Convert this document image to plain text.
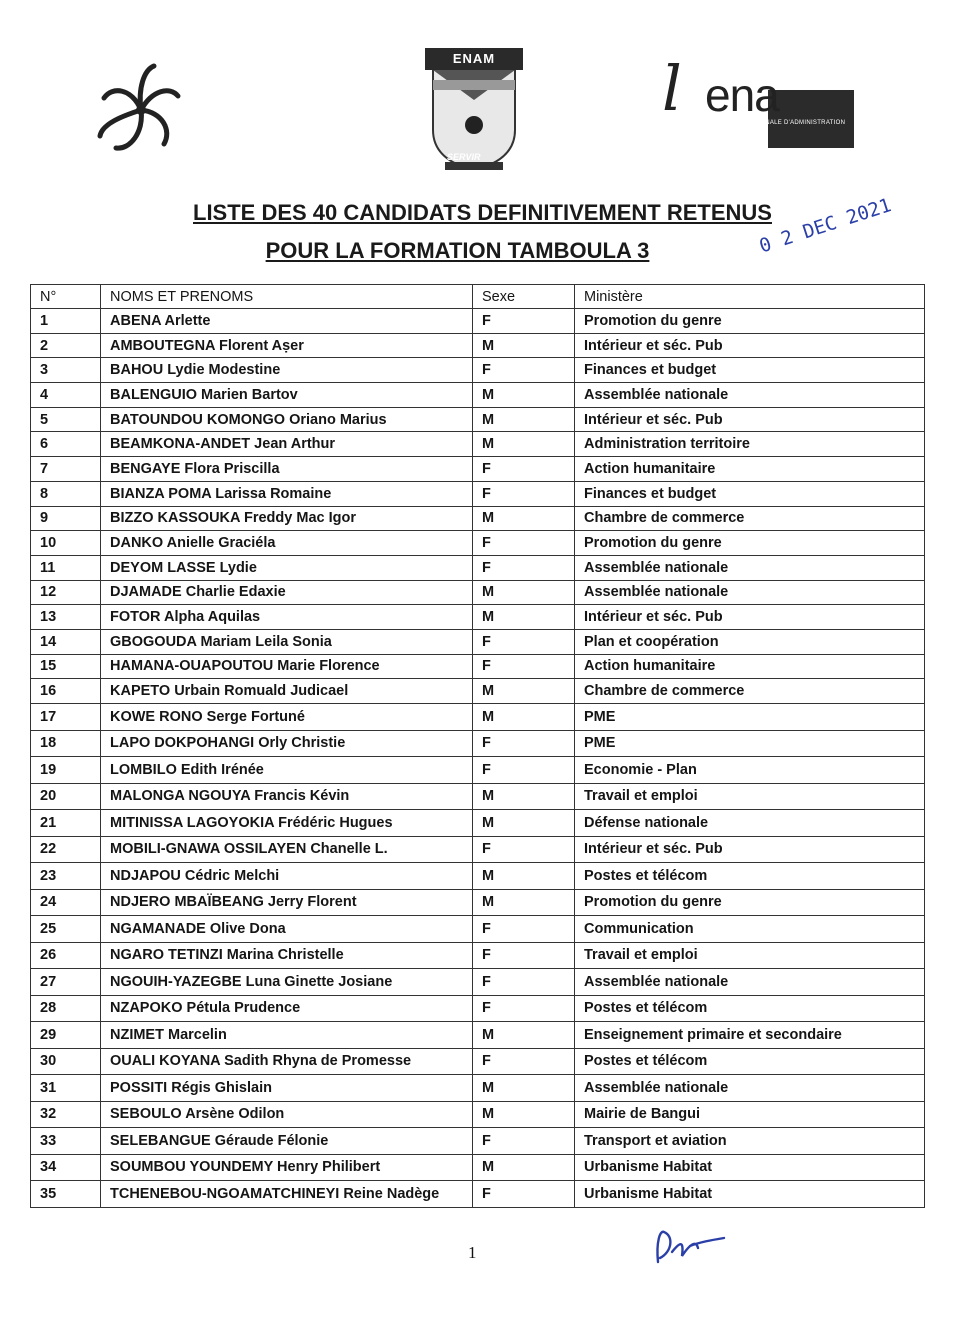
ENAM
SERVIR
l ena
ÉCOLE NATIONALE D'ADMINISTRATION
LISTE DES 40 CANDIDATS DEFINITIVEMENT RETENUS
POUR LA FORMATION TAMBOULA 3	0 2 DEC 2021
N°	NOMS ET PRENOMS	Sexe	Ministère
1	ABENA Arlette	F	Promotion du genre
2	AMBOUTEGNA Florent Aṣer	M	Intérieur et séc. Pub
3	BAHOU Lydie Modestine	F	Finances et budget
4	BALENGUIO Marien Bartov	M	Assemblée nationale
5	BATOUNDOU KOMONGO Oriano Marius	M	Intérieur et séc. Pub
6	BEAMKONA-ANDET Jean Arthur	M	Administration territoire
7	BENGAYE Flora Priscilla	F	Action humanitaire
8	BIANZA POMA Larissa Romaine	F	Finances et budget
9	BIZZO KASSOUKA Freddy Mac Igor	M	Chambre de commerce
10	DANKO Anielle Graciéla	F	Promotion du genre
11	DEYOM LASSE Lydie	F	Assemblée nationale
12	DJAMADE Charlie Edaxie	M	Assemblée nationale
13	FOTOR Alpha Aquilas	M	Intérieur et séc. Pub
14	GBOGOUDA Mariam Leila Sonia	F	Plan et coopération
15	HAMANA-OUAPOUTOU Marie Florence	F	Action humanitaire
16	KAPETO Urbain Romuald Judicael	M	Chambre de commerce
17	KOWE RONO Serge Fortuné	M	PME
18	LAPO DOKPOHANGI Orly Christie	F	PME
19	LOMBILO Edith Irénée	F	Economie - Plan
20	MALONGA NGOUYA Francis Kévin	M	Travail et emploi
21	MITINISSA LAGOYOKIA Frédéric Hugues	M	Défense nationale
22	MOBILI-GNAWA OSSILAYEN Chanelle L.	F	Intérieur et séc. Pub
23	NDJAPOU Cédric Melchi	M	Postes et télécom
24	NDJERO MBAÏBEANG Jerry Florent	M	Promotion du genre
25	NGAMANADE Olive Dona	F	Communication
26	NGARO TETINZI Marina Christelle	F	Travail et emploi
27	NGOUIH-YAZEGBE Luna Ginette Josiane	F	Assemblée nationale
28	NZAPOKO Pétula Prudence	F	Postes et télécom
29	NZIMET Marcelin	M	Enseignement primaire et secondaire
30	OUALI KOYANA Sadith Rhyna de Promesse	F	Postes et télécom
31	POSSITI Régis Ghislain	M	Assemblée nationale
32	SEBOULO Arsène Odilon	M	Mairie de Bangui
33	SELEBANGUE Géraude Félonie	F	Transport et aviation
34	SOUMBOU YOUNDEMY Henry Philibert	M	Urbanisme Habitat
35	TCHENEBOU-NGOAMATCHINEYI Reine Nadège	F	Urbanisme Habitat
1
